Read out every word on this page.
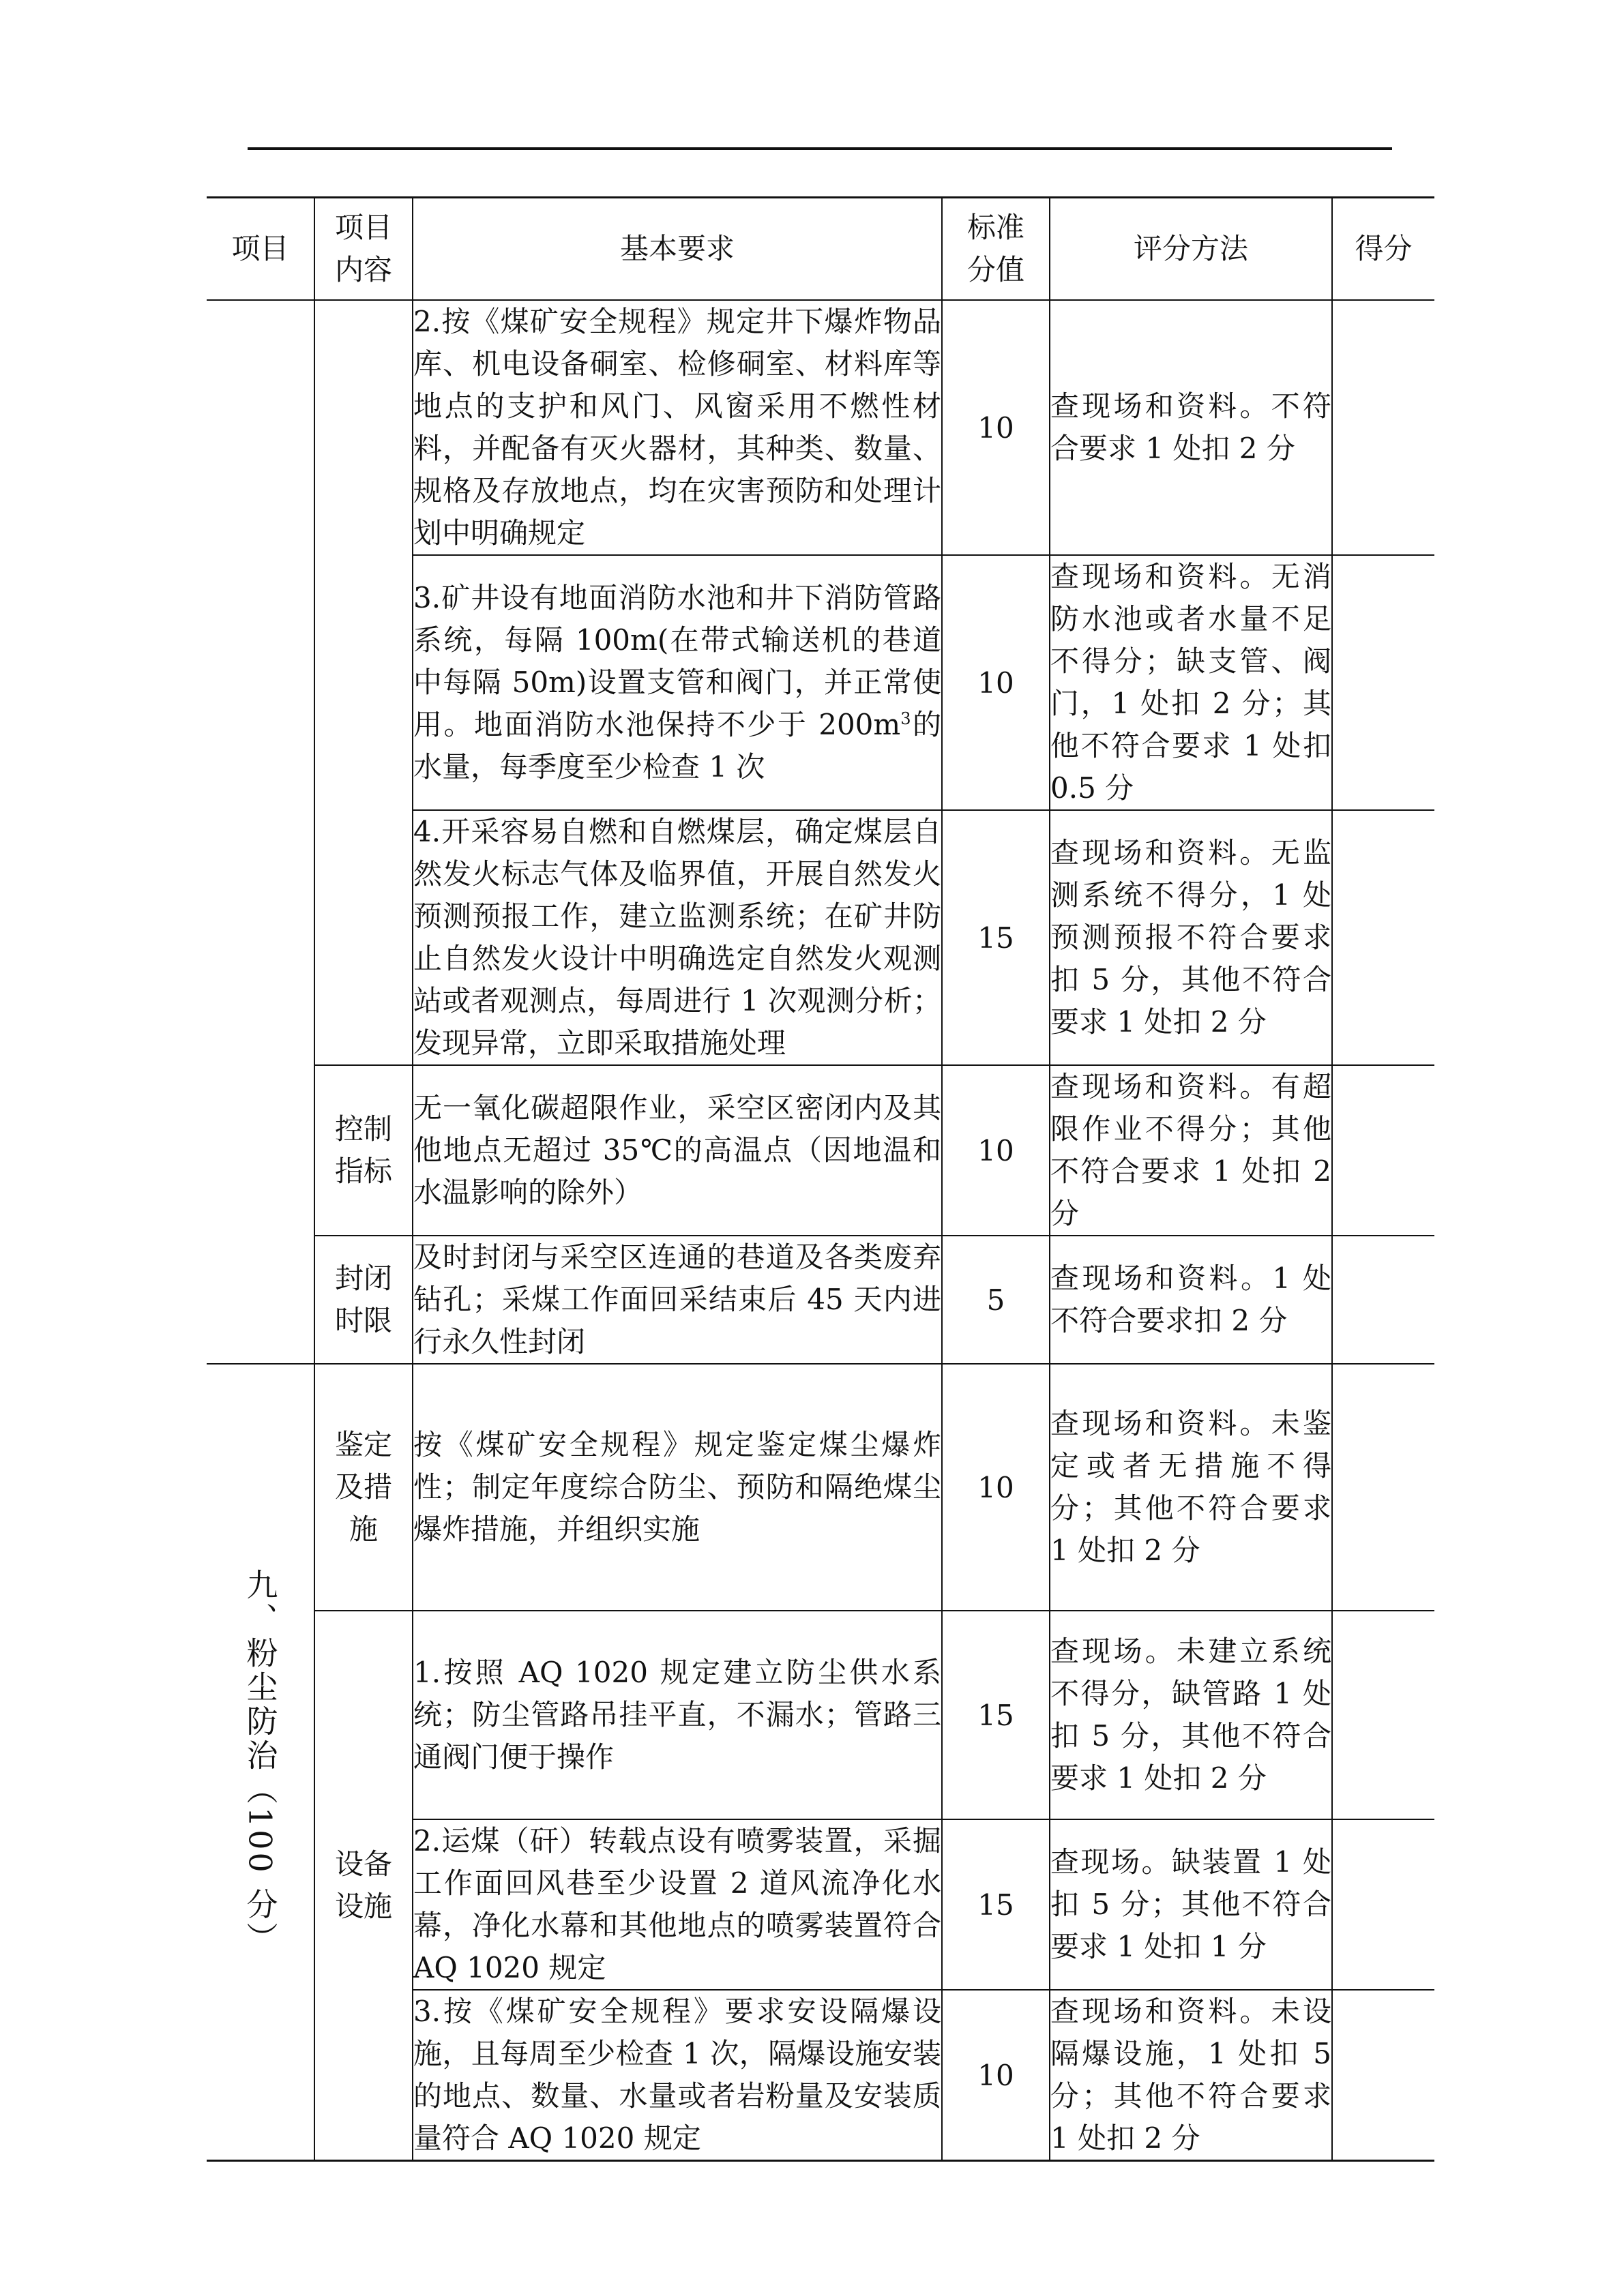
项目	项目内容	基本要求	标准分值	评分方法	得分
		2.按《煤矿安全规程》规定井下爆炸物品库、机电设备硐室、检修硐室、材料库等地点的支护和风门、风窗采用不燃性材料，并配备有灭火器材，其种类、数量、规格及存放地点，均在灾害预防和处理计划中明确规定	10	查现场和资料。不符合要求 1 处扣 2 分	
		3.矿井设有地面消防水池和井下消防管路系统，每隔 100m(在带式输送机的巷道中每隔 50m)设置支管和阀门，并正常使用。地面消防水池保持不少于 $200m^3$的水量，每季度至少检查 1 次	10	查现场和资料。无消防水池或者水量不足不得分；缺支管、阀门，1 处扣 2 分；其他不符合要求 1 处扣 0.5 分	
		4.开采容易自燃和自燃煤层，确定煤层自然发火标志气体及临界值，开展自然发火预测预报工作，建立监测系统；在矿井防止自然发火设计中明确选定自然发火观测站或者观测点，每周进行 1 次观测分析；发现异常，立即采取措施处理	15	查现场和资料。无监测系统不得分，1 处预测预报不符合要求扣 5 分，其他不符合要求 1 处扣 2 分	

	控制指标	无一氧化碳超限作业，采空区密闭内及其他地点无超过 35℃的高温点（因地温和水温影响的除外）	10	查现场和资料。有超限作业不得分；其他不符合要求 1 处扣 2 分	

	封闭时限	及时封闭与采空区连通的巷道及各类废弃钻孔；采煤工作面回采结束后 45 天内进行永久性封闭	5	查现场和资料。1 处不符合要求扣 2 分	

九、粉尘防治（100 分）	鉴定及措施	按《煤矿安全规程》规定鉴定煤尘爆炸性；制定年度综合防尘、预防和隔绝煤尘爆炸措施，并组织实施	10	查现场和资料。未鉴定或者无措施不得分；其他不符合要求 1 处扣 2 分	

	设备设施	1.按照 AQ 1020 规定建立防尘供水系统；防尘管路吊挂平直，不漏水；管路三通阀门便于操作	15	查现场。未建立系统不得分，缺管路 1 处扣 5 分，其他不符合要求 1 处扣 2 分	
		2.运煤（矸）转载点设有喷雾装置，采掘工作面回风巷至少设置 2 道风流净化水幕，净化水幕和其他地点的喷雾装置符合 AQ 1020 规定	15	查现场。缺装置 1 处扣 5 分；其他不符合要求 1 处扣 1 分	
		3.按《煤矿安全规程》要求安设隔爆设施，且每周至少检查 1 次，隔爆设施安装的地点、数量、水量或者岩粉量及安装质量符合 AQ 1020 规定	10	查现场和资料。未设隔爆设施，1 处扣 5 分；其他不符合要求 1 处扣 2 分	
